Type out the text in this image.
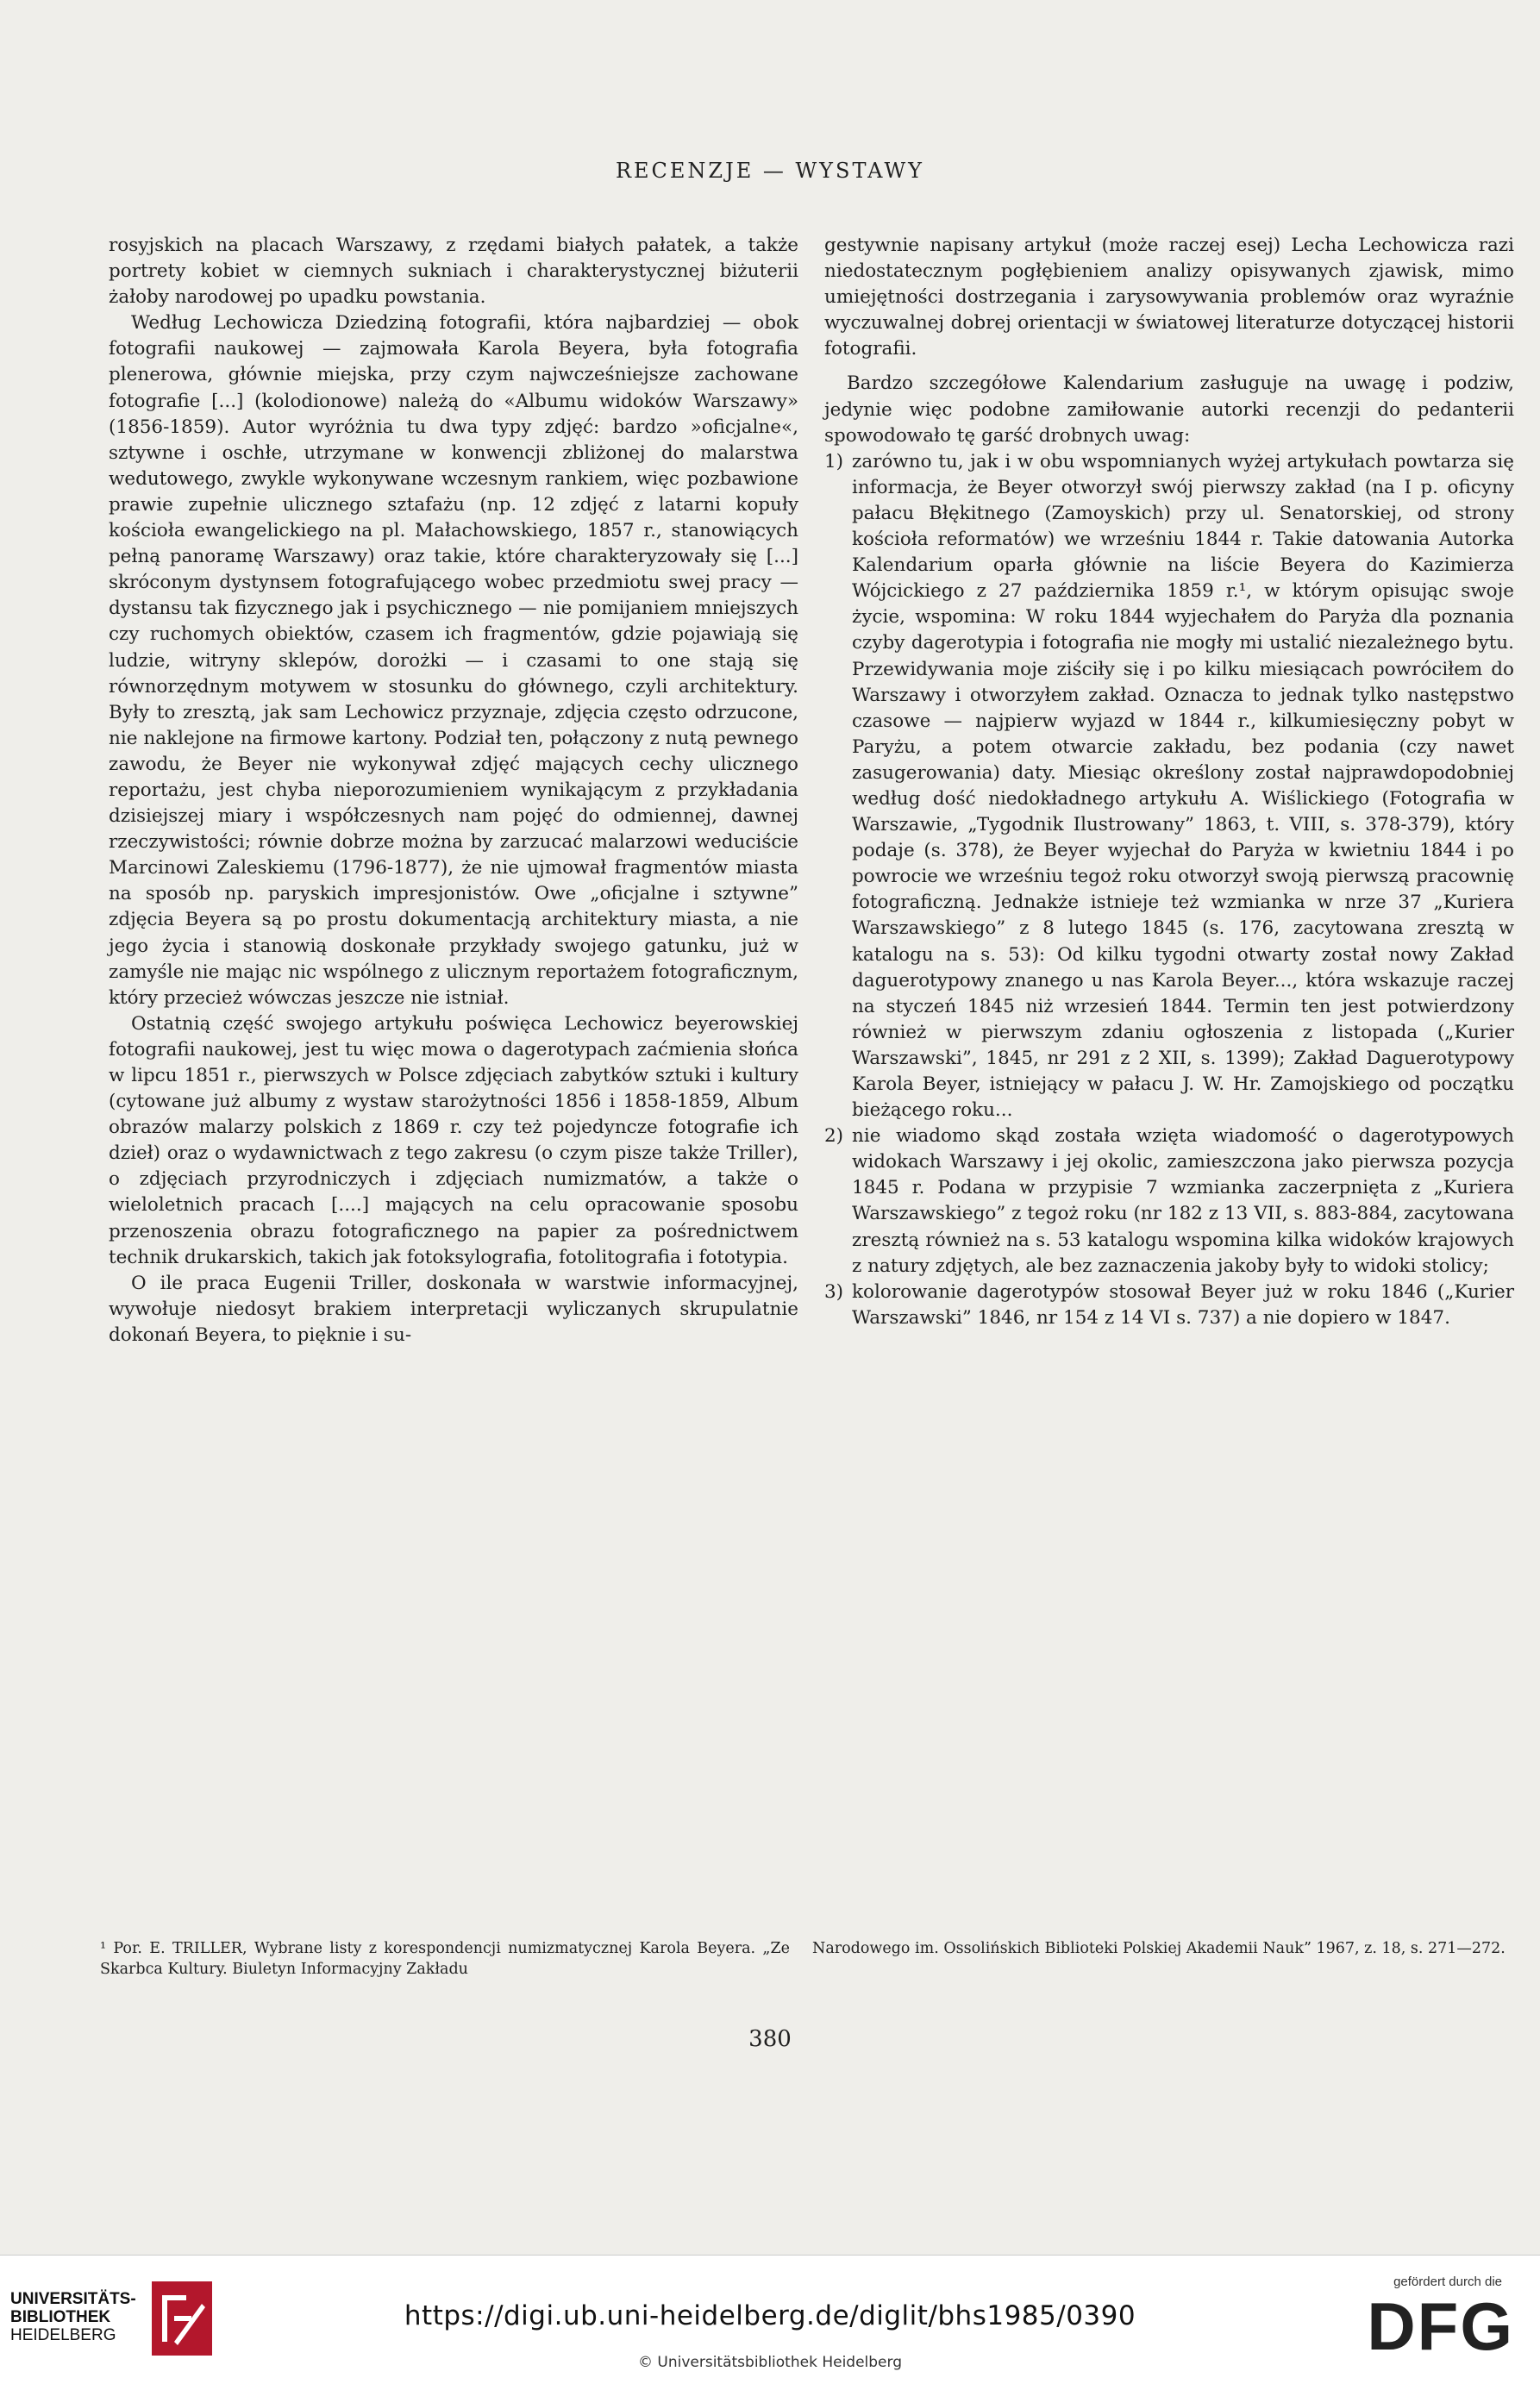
RECENZJE — WYSTAWY

rosyjskich na placach Warszawy, z rzędami białych pałatek, a także portrety kobiet w ciemnych sukniach i charakterystycznej biżuterii żałoby narodowej po upadku powstania.

Według Lechowicza Dziedziną fotografii, która najbardziej — obok fotografii naukowej — zajmowała Karola Beyera, była fotografia plenerowa, głównie miejska, przy czym najwcześniejsze zachowane fotografie [...] (kolodionowe) należą do «Albumu widoków Warszawy» (1856-1859). Autor wyróżnia tu dwa typy zdjęć: bardzo »oficjalne«, sztywne i oschłe, utrzymane w konwencji zbliżonej do malarstwa wedutowego, zwykle wykonywane wczesnym rankiem, więc pozbawione prawie zupełnie ulicznego sztafażu (np. 12 zdjęć z latarni kopuły kościoła ewangelickiego na pl. Małachowskiego, 1857 r., stanowiących pełną panoramę Warszawy) oraz takie, które charakteryzowały się [...] skróconym dystynsem fotografującego wobec przedmiotu swej pracy — dystansu tak fizycznego jak i psychicznego — nie pomijaniem mniejszych czy ruchomych obiektów, czasem ich fragmentów, gdzie pojawiają się ludzie, witryny sklepów, dorożki — i czasami to one stają się równorzędnym motywem w stosunku do głównego, czyli architektury. Były to zresztą, jak sam Lechowicz przyznaje, zdjęcia często odrzucone, nie naklejone na firmowe kartony. Podział ten, połączony z nutą pewnego zawodu, że Beyer nie wykonywał zdjęć mających cechy ulicznego reportażu, jest chyba nieporozumieniem wynikającym z przykładania dzisiejszej miary i współczesnych nam pojęć do odmiennej, dawnej rzeczywistości; równie dobrze można by zarzucać malarzowi weduciście Marcinowi Zaleskiemu (1796-1877), że nie ujmował fragmentów miasta na sposób np. paryskich impresjonistów. Owe „oficjalne i sztywne” zdjęcia Beyera są po prostu dokumentacją architektury miasta, a nie jego życia i stanowią doskonałe przykłady swojego gatunku, już w zamyśle nie mając nic wspólnego z ulicznym reportażem fotograficznym, który przecież wówczas jeszcze nie istniał.

Ostatnią część swojego artykułu poświęca Lechowicz beyerowskiej fotografii naukowej, jest tu więc mowa o dagerotypach zaćmienia słońca w lipcu 1851 r., pierwszych w Polsce zdjęciach zabytków sztuki i kultury (cytowane już albumy z wystaw starożytności 1856 i 1858-1859, Album obrazów malarzy polskich z 1869 r. czy też pojedyncze fotografie ich dzieł) oraz o wydawnictwach z tego zakresu (o czym pisze także Triller), o zdjęciach przyrodniczych i zdjęciach numizmatów, a także o wieloletnich pracach [....] mających na celu opracowanie sposobu przenoszenia obrazu fotograficznego na papier za pośrednictwem technik drukarskich, takich jak fotoksylografia, fotolitografia i fototypia.

O ile praca Eugenii Triller, doskonała w warstwie informacyjnej, wywołuje niedosyt brakiem interpretacji wyliczanych skrupulatnie dokonań Beyera, to pięknie i su-

gestywnie napisany artykuł (może raczej esej) Lecha Lechowicza razi niedostatecznym pogłębieniem analizy opisywanych zjawisk, mimo umiejętności dostrzegania i zarysowywania problemów oraz wyraźnie wyczuwalnej dobrej orientacji w światowej literaturze dotyczącej historii fotografii.

Bardzo szczegółowe Kalendarium zasługuje na uwagę i podziw, jedynie więc podobne zamiłowanie autorki recenzji do pedanterii spowodowało tę garść drobnych uwag:

1) zarówno tu, jak i w obu wspomnianych wyżej artykułach powtarza się informacja, że Beyer otworzył swój pierwszy zakład (na I p. oficyny pałacu Błękitnego (Zamoyskich) przy ul. Senatorskiej, od strony kościoła reformatów) we wrześniu 1844 r. Takie datowania Autorka Kalendarium oparła głównie na liście Beyera do Kazimierza Wójcickiego z 27 października 1859 r.¹, w którym opisując swoje życie, wspomina: W roku 1844 wyjechałem do Paryża dla poznania czyby dagerotypia i fotografia nie mogły mi ustalić niezależnego bytu. Przewidywania moje ziściły się i po kilku miesiącach powróciłem do Warszawy i otworzyłem zakład. Oznacza to jednak tylko następstwo czasowe — najpierw wyjazd w 1844 r., kilkumiesięczny pobyt w Paryżu, a potem otwarcie zakładu, bez podania (czy nawet zasugerowania) daty. Miesiąc określony został najprawdopodobniej według dość niedokładnego artykułu A. Wiślickiego (Fotografia w Warszawie, „Tygodnik Ilustrowany” 1863, t. VIII, s. 378-379), który podaje (s. 378), że Beyer wyjechał do Paryża w kwietniu 1844 i po powrocie we wrześniu tegoż roku otworzył swoją pierwszą pracownię fotograficzną. Jednakże istnieje też wzmianka w nrze 37 „Kuriera Warszawskiego” z 8 lutego 1845 (s. 176, zacytowana zresztą w katalogu na s. 53): Od kilku tygodni otwarty został nowy Zakład daguerotypowy znanego u nas Karola Beyer..., która wskazuje raczej na styczeń 1845 niż wrzesień 1844. Termin ten jest potwierdzony również w pierwszym zdaniu ogłoszenia z listopada („Kurier Warszawski”, 1845, nr 291 z 2 XII, s. 1399); Zakład Daguerotypowy Karola Beyer, istniejący w pałacu J. W. Hr. Zamojskiego od początku bieżącego roku...
2) nie wiadomo skąd została wzięta wiadomość o dagerotypowych widokach Warszawy i jej okolic, zamieszczona jako pierwsza pozycja 1845 r. Podana w przypisie 7 wzmianka zaczerpnięta z „Kuriera Warszawskiego” z tegoż roku (nr 182 z 13 VII, s. 883-884, zacytowana zresztą również na s. 53 katalogu wspomina kilka widoków krajowych z natury zdjętych, ale bez zaznaczenia jakoby były to widoki stolicy;
3) kolorowanie dagerotypów stosował Beyer już w roku 1846 („Kurier Warszawski” 1846, nr 154 z 14 VI s. 737) a nie dopiero w 1847.
¹ Por. E. TRILLER, Wybrane listy z korespondencji numizmatycznej Karola Beyera. „Ze Skarbca Kultury. Biuletyn Informacyjny Zakładu
Narodowego im. Ossolińskich Biblioteki Polskiej Akademii Nauk” 1967, z. 18, s. 271—272.
380
UNIVERSITÄTS-
BIBLIOTHEK
HEIDELBERG
https://digi.ub.uni-heidelberg.de/diglit/bhs1985/0390
© Universitätsbibliothek Heidelberg
gefördert durch die
DFG
